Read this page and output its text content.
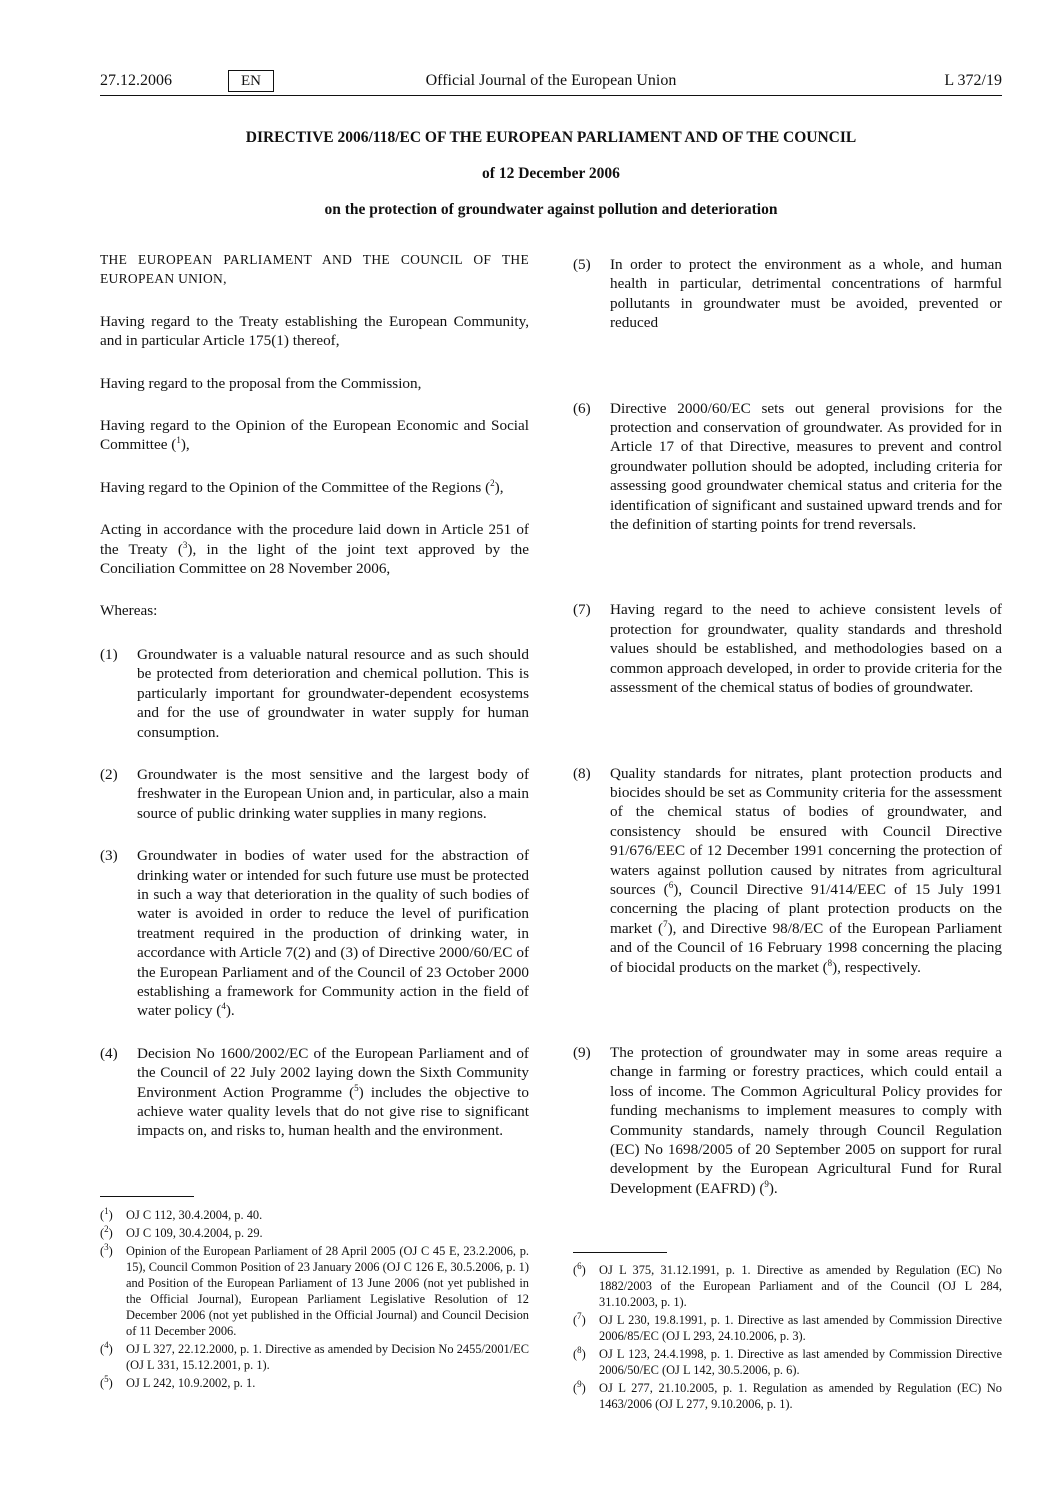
27.12.2006	EN	Official Journal of the European Union	L 372/19
DIRECTIVE 2006/118/EC OF THE EUROPEAN PARLIAMENT AND OF THE COUNCIL
of 12 December 2006
on the protection of groundwater against pollution and deterioration

THE EUROPEAN PARLIAMENT AND THE COUNCIL OF THE EUROPEAN UNION,

Having regard to the Treaty establishing the European Community, and in particular Article 175(1) thereof,

Having regard to the proposal from the Commission,

Having regard to the Opinion of the European Economic and Social Committee ($^1$),

Having regard to the Opinion of the Committee of the Regions ($^2$),

Acting in accordance with the procedure laid down in Article 251 of the Treaty ($^3$), in the light of the joint text approved by the Conciliation Committee on 28 November 2006,

Whereas:

(1) Groundwater is a valuable natural resource and as such should be protected from deterioration and chemical pollution. This is particularly important for groundwater-dependent ecosystems and for the use of groundwater in water supply for human consumption.
(2) Groundwater is the most sensitive and the largest body of freshwater in the European Union and, in particular, also a main source of public drinking water supplies in many regions.
(3) Groundwater in bodies of water used for the abstraction of drinking water or intended for such future use must be protected in such a way that deterioration in the quality of such bodies of water is avoided in order to reduce the level of purification treatment required in the production of drinking water, in accordance with Article 7(2) and (3) of Directive 2000/60/EC of the European Parliament and of the Council of 23 October 2000 establishing a framework for Community action in the field of water policy ($^4$).
(4) Decision No 1600/2002/EC of the European Parliament and of the Council of 22 July 2002 laying down the Sixth Community Environment Action Programme ($^5$) includes the objective to achieve water quality levels that do not give rise to significant impacts on, and risks to, human health and the environment.
($^1$) OJ C 112, 30.4.2004, p. 40.
($^2$) OJ C 109, 30.4.2004, p. 29.
($^3$) Opinion of the European Parliament of 28 April 2005 (OJ C 45 E, 23.2.2006, p. 15), Council Common Position of 23 January 2006 (OJ C 126 E, 30.5.2006, p. 1) and Position of the European Parliament of 13 June 2006 (not yet published in the Official Journal), European Parliament Legislative Resolution of 12 December 2006 (not yet published in the Official Journal) and Council Decision of 11 December 2006.
($^4$) OJ L 327, 22.12.2000, p. 1. Directive as amended by Decision No 2455/2001/EC (OJ L 331, 15.12.2001, p. 1).
($^5$) OJ L 242, 10.9.2002, p. 1.
(5) In order to protect the environment as a whole, and human health in particular, detrimental concentrations of harmful pollutants in groundwater must be avoided, prevented or reduced
(6) Directive 2000/60/EC sets out general provisions for the protection and conservation of groundwater. As provided for in Article 17 of that Directive, measures to prevent and control groundwater pollution should be adopted, including criteria for assessing good groundwater chemical status and criteria for the identification of significant and sustained upward trends and for the definition of starting points for trend reversals.
(7) Having regard to the need to achieve consistent levels of protection for groundwater, quality standards and threshold values should be established, and methodologies based on a common approach developed, in order to provide criteria for the assessment of the chemical status of bodies of groundwater.
(8) Quality standards for nitrates, plant protection products and biocides should be set as Community criteria for the assessment of the chemical status of bodies of groundwater, and consistency should be ensured with Council Directive 91/676/EEC of 12 December 1991 concerning the protection of waters against pollution caused by nitrates from agricultural sources ($^6$), Council Directive 91/414/EEC of 15 July 1991 concerning the placing of plant protection products on the market ($^7$), and Directive 98/8/EC of the European Parliament and of the Council of 16 February 1998 concerning the placing of biocidal products on the market ($^8$), respectively.
(9) The protection of groundwater may in some areas require a change in farming or forestry practices, which could entail a loss of income. The Common Agricultural Policy provides for funding mechanisms to implement measures to comply with Community standards, namely through Council Regulation (EC) No 1698/2005 of 20 September 2005 on support for rural development by the European Agricultural Fund for Rural Development (EAFRD) ($^9$).
($^6$) OJ L 375, 31.12.1991, p. 1. Directive as amended by Regulation (EC) No 1882/2003 of the European Parliament and of the Council (OJ L 284, 31.10.2003, p. 1).
($^7$) OJ L 230, 19.8.1991, p. 1. Directive as last amended by Commission Directive 2006/85/EC (OJ L 293, 24.10.2006, p. 3).
($^8$) OJ L 123, 24.4.1998, p. 1. Directive as last amended by Commission Directive 2006/50/EC (OJ L 142, 30.5.2006, p. 6).
($^9$) OJ L 277, 21.10.2005, p. 1. Regulation as amended by Regulation (EC) No 1463/2006 (OJ L 277, 9.10.2006, p. 1).
